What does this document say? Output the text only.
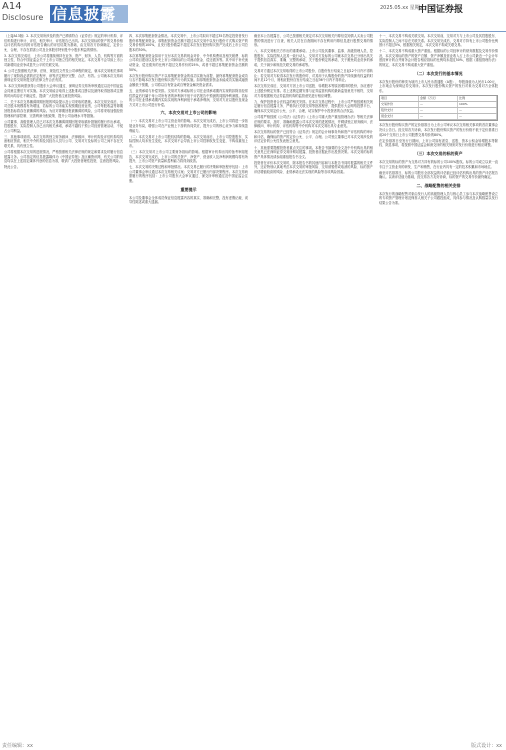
A14
Disclosure 信息披露	2025.05.xx 星期x
中国证券报

（上接A13版）2. 本次交易所涉及的资产已聘请符合《证券法》规定的审计机构、评估机构进行审计、评估，相关审计、评估报告已出具。本次交易标的资产的交易价格以评估机构出具的评估报告确认的评估结果为基础，由交易各方协商确定，定价公允、合理，不存在损害公司及全体股东特别是中小股东利益的情形。

3. 本次交易完成后，上市公司将继续保持在业务、资产、财务、人员、机构等方面的独立性，符合中国证监会关于上市公司独立性的相关规定。本次交易不会导致上市公司新增同业竞争或显失公平的关联交易。

4. 公司已按照相关法律、法规、规范性文件及公司章程的规定，就本次交易相关事项履行了现阶段必需的法定程序，该等法定程序完整、合法、有效。公司就本次交易向深圳证券交易所提交的法律文件合法有效。

5. 本次交易尚需获得公司股东大会审议通过、深圳证券交易所审核通过以及中国证监会同意注册后方可实施。本次交易能否取得上述批准或注册以及最终取得批准或注册的时间均存在不确定性，提请广大投资者注意投资风险。

二、关于本次交易摊薄即期回报的风险提示及公司采取的措施。本次交易完成后，公司总股本规模将有所增加，若标的公司未能实现预期经营业绩，公司每股收益等即期回报指标将存在被摊薄的风险。为应对即期回报被摊薄的风险，公司将采取加强经营管理和内部控制、完善利润分配政策、提升公司治理水平等措施。

公司董事、高级管理人员已对本次交易摊薄即期回报采取填补措施的履行作出承诺，控股股东、实际控制人亦已出具相关承诺，承诺不越权干预公司经营管理活动，不侵占公司利益。

三、其他事项说明。本次交易的独立财务顾问、法律顾问、审计机构及评估机构均具备相应资质，相关中介机构及其经办人员与公司、交易对方及标的公司之间不存在关联关系，具有独立性。

公司将根据本次交易的进展情况，严格按照相关法律法规的规定和要求及时履行信息披露义务。公司指定的信息披露媒体为《中国证券报》及巨潮资讯网，有关公司的信息均以在上述指定媒体刊登的信息为准，敬请广大投资者理性投资，注意投资风险。

特此公告。

四、本次募集配套资金情况。本次交易中，上市公司拟向不超过35名特定投资者发行股份募集配套资金，募集配套资金总额不超过本次交易中以发行股份方式购买资产的交易价格的100%，且发行股份数量不超过本次发行股份购买资产完成后上市公司总股本的30%。

本次募集配套资金拟用于支付本次交易的现金对价、中介机构费用及相关税费、标的公司项目建设以及补充上市公司和标的公司流动资金、偿还债务等。其中用于补充流动资金、偿还债务的比例不超过交易作价的25%，或者不超过募集配套资金总额的50%。

本次发行股份购买资产不以募集配套资金的成功实施为前提，最终募集配套资金成功与否不影响本次发行股份购买资产行为的实施。如募集配套资金未能成功实施或融资金额低于预期，公司将以自有资金或自筹资金解决资金需求。

五、业绩承诺与补偿安排。交易对方承诺标的公司在业绩承诺期内实现的扣除非经常性损益后归属于母公司所有者的净利润不低于评估报告中预测的同期净利润数。若标的公司在业绩承诺期内实际实现的净利润低于承诺净利润，交易对方应以股份及现金方式对上市公司进行补偿。

六、本次交易对上市公司的影响

（一）本次交易对上市公司主营业务的影响。本次交易完成后，上市公司将进一步拓展业务布局，增强公司在产业链上下游的协同效应，提升公司的核心竞争力和持续盈利能力。

（二）本次交易对上市公司股权结构的影响。本次交易前后，上市公司控股股东、实际控制人均未发生变化，本次交易不会导致上市公司控制权发生变更，不构成重组上市。

（三）本次交易对上市公司主要财务指标的影响。根据审计机构出具的备考审阅报告，本次交易完成后，上市公司的总资产、净资产、营业收入及净利润规模均将有所提升，上市公司资产质量和盈利能力将得到改善。

七、本次交易的决策过程和审批情况。本次交易已履行的决策和审批程序包括：上市公司董事会审议通过本次交易相关议案；交易对方已履行内部决策程序。本次交易尚需履行的程序包括：上市公司股东大会审议通过、深交所审核通过及中国证监会注册。

重要提示

本公司及董事会全体成员保证信息披露内容的真实、准确和完整，没有虚假记载、误导性陈述或重大遗漏。

截至本公告披露日，公司已按照相关规定对本次交易相关内幕信息知情人买卖公司股票的情况进行了自查，相关人员在自查期间不存在利用内幕信息进行股票交易的情形。

八、本次交易相关方作出的重要承诺。上市公司及其董事、监事、高级管理人员，控股股东、实际控制人及其一致行动人，交易对方及标的公司就本次交易已分别出具关于提供信息真实、准确、完整的承诺，关于股份锁定的承诺，关于避免同业竞争的承诺，关于减少和规范关联交易的承诺等。

交易对方通过本次交易取得的上市公司股份，自股份发行结束之日起12个月内不得转让；若交易对方取得本次发行的股份时，对其用于认购股份的资产持续拥有权益的时间不足12个月，则相应股份自发行结束之日起36个月内不得转让。

本次交易完成后，交易对方因上市公司送股、转增股本等原因增持的股份，亦应遵守上述股份锁定安排。若上述锁定期安排与证券监管机构的最新监管意见不相符，交易对方将根据相关证券监管机构的监管意见进行相应调整。

九、保护投资者合法权益的相关安排。在本次交易过程中，上市公司严格按照相关规定履行信息披露义务、严格执行关联交易等批准程序、提供股东大会网络投票平台，确保本次交易定价公允、公平、合理，切实保护中小投资者的合法权益。

公司将严格按照《公司法》《证券法》《上市公司重大资产重组管理办法》等相关法律法规的要求，及时、准确地披露公司本次交易的进展情况，并聘请独立财务顾问、法律顾问、审计机构、评估机构等中介机构对本次交易出具专业意见。

本次交易的标的资产已经符合《证券法》规定的会计师事务所和资产评估机构的审计和评估，确保标的资产的定价公允、公平、合理。公司独立董事已对本次交易涉及的评估定价的公允性发表独立意见。

十、其他需要提醒投资者重点关注的事项。本报告书摘要的全文及中介机构出具的相关意见已在深圳证券交易所网站披露，投资者应据此作出投资决策。本次交易的标的资产具体情况请参阅重组报告书全文。

投资者在评价本次交易时，除本报告书的其他内容和与本报告书同时披露的相关文件外，还应特别认真地考虑本次交易的审批风险、交易被暂停或取消的风险、标的资产评估增值较高的风险、业绩承诺无法实现的风险等各项风险因素。

十一、本次交易不构成关联交易。本次交易前，交易对方与上市公司及其控股股东、实际控制人之间不存在关联关系。本次交易完成后，交易对方持有上市公司股份比例预计不超过5%，根据相关规定，本次交易不构成关联交易。

十二、本次交易不构成重大资产重组。根据标的公司经审计的财务数据及交易作价情况，本次交易标的资产的资产总额、资产净额及营业收入占上市公司最近一个会计年度经审计的合并财务会计报告相应指标的比例均未超过50%，根据《重组管理办法》的规定，本次交易不构成重大资产重组。

（二）本次发行的基本情况

本次发行股份的种类为境内上市人民币普通股（A股），每股面值为人民币1.00元，上市地点为深圳证券交易所。本次发行股份购买资产的发行对象为交易对方全体股东。

项目	金额（万元）	比例
交易作价	—	100%
股份支付	—	—
现金支付	—	—

本次发行股份购买资产的定价基准日为上市公司审议本次交易相关事项的首次董事会决议公告日。经交易各方协商，本次发行股份购买资产的发行价格不低于定价基准日前20个交易日上市公司股票交易均价的80%。

在定价基准日至发行日期间，上市公司如有派息、送股、资本公积金转增股本等除权、除息事项，将按照中国证监会和深交所的相关规则对发行价格进行相应调整。

（三）本次交易的标的资产

本次交易的标的资产为交易对方持有的标的公司100%股权。标的公司成立以来一直专注于主营业务的研发、生产和销售，在行业内具有一定的技术积累和市场地位。

截至评估基准日，标的公司股东全部权益的评估值已经评估机构出具的资产评估报告确认。以该评估值为基础，经交易各方友好协商，标的资产的交易作价最终确定。

二、战略配售的相关安排

本次发行的战略配售对象由发行人的高级管理人员与核心员工参与本次战略配售设立的专项资产管理计划及保荐人相关子公司跟投组成，具体参与情况及认购数量以发行结果公告为准。

责任编辑：xx	版式设计：xx
